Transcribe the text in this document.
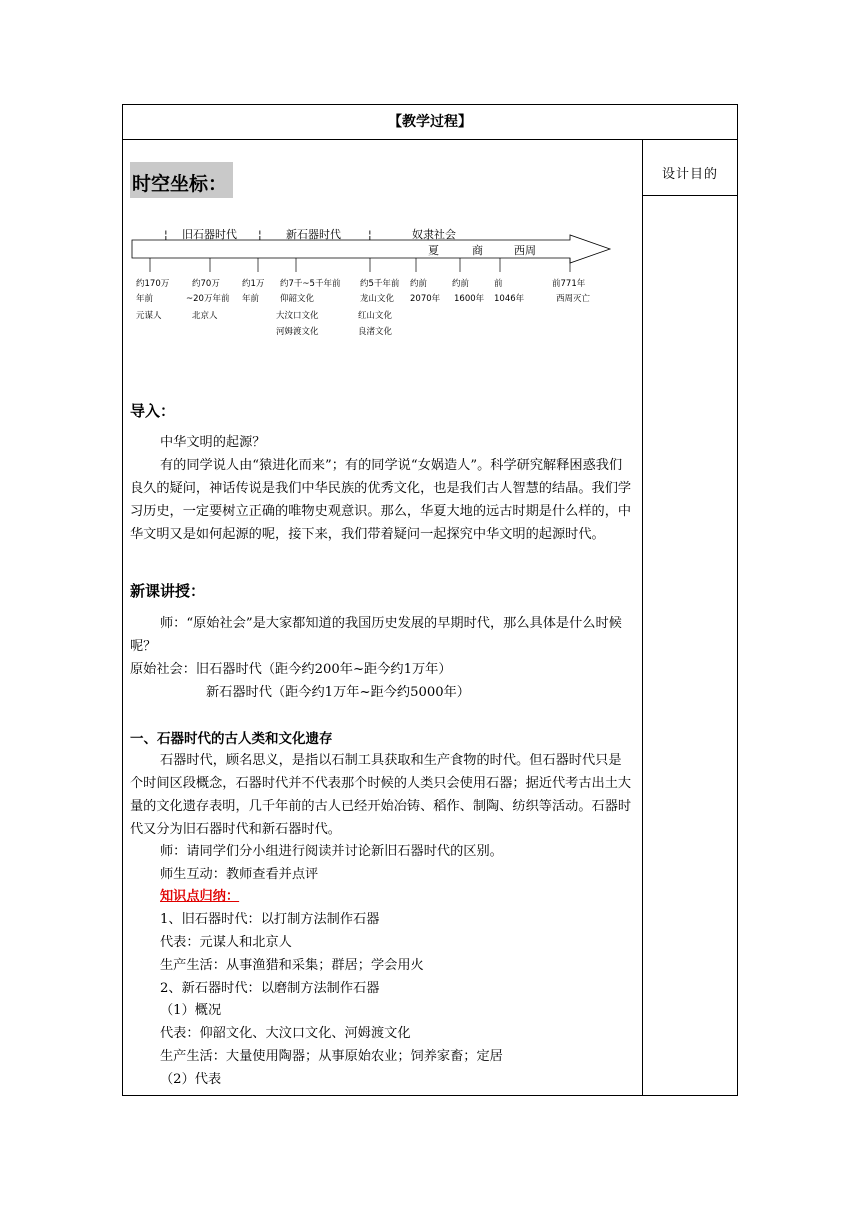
【教学过程】
设计目的
时空坐标：
¦ 旧石器时代 ¦ 新石器时代 ¦	奴隶社会
夏	商	西周
约170万
年前
元谋人
约70万
~20万年前
北京人
约1万
年前
约7千~5千年前
仰韶文化
大汶口文化
河姆渡文化
约5千年前
龙山文化
红山文化
良渚文化
约前
2070年
约前
1600年
前
1046年
前771年
西周灭亡
导入：
中华文明的起源？
有的同学说人由“猿进化而来”；有的同学说“女娲造人”。科学研究解释困惑我们良久的疑问，神话传说是我们中华民族的优秀文化，也是我们古人智慧的结晶。我们学习历史，一定要树立正确的唯物史观意识。那么，华夏大地的远古时期是什么样的，中华文明又是如何起源的呢，接下来，我们带着疑问一起探究中华文明的起源时代。
新课讲授：
师：“原始社会”是大家都知道的我国历史发展的早期时代，那么具体是什么时候呢？
原始社会：旧石器时代（距今约200年~距今约1万年）
新石器时代（距今约1万年~距今约5000年）
一、石器时代的古人类和文化遗存
石器时代，顾名思义，是指以石制工具获取和生产食物的时代。但石器时代只是个时间区段概念，石器时代并不代表那个时候的人类只会使用石器；据近代考古出土大量的文化遗存表明，几千年前的古人已经开始冶铸、稻作、制陶、纺织等活动。石器时代又分为旧石器时代和新石器时代。
师：请同学们分小组进行阅读并讨论新旧石器时代的区别。
师生互动：教师查看并点评
知识点归纳：
1、旧石器时代：以打制方法制作石器
代表：元谋人和北京人
生产生活：从事渔猎和采集；群居；学会用火
2、新石器时代：以磨制方法制作石器
（1）概况
代表：仰韶文化、大汶口文化、河姆渡文化
生产生活：大量使用陶器；从事原始农业；饲养家畜；定居
（2）代表
